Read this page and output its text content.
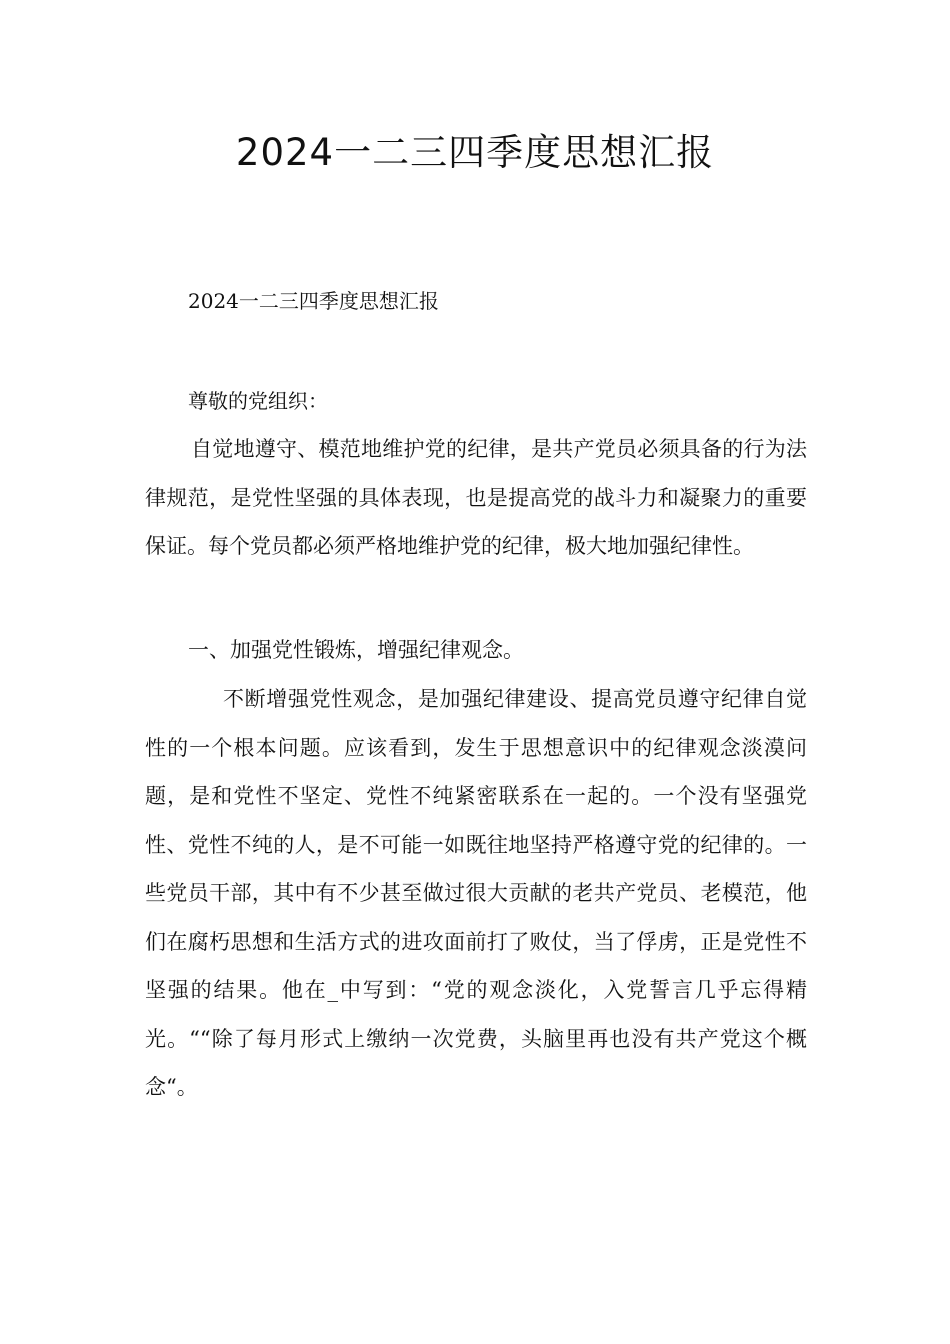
2024一二三四季度思想汇报

2024一二三四季度思想汇报

尊敬的党组织：

自觉地遵守、模范地维护党的纪律，是共产党员必须具备的行为法律规范，是党性坚强的具体表现，也是提高党的战斗力和凝聚力的重要保证。每个党员都必须严格地维护党的纪律，极大地加强纪律性。

一、加强党性锻炼，增强纪律观念。

不断增强党性观念，是加强纪律建设、提高党员遵守纪律自觉性的一个根本问题。应该看到，发生于思想意识中的纪律观念淡漠问题，是和党性不坚定、党性不纯紧密联系在一起的。一个没有坚强党性、党性不纯的人，是不可能一如既往地坚持严格遵守党的纪律的。一些党员干部，其中有不少甚至做过很大贡献的老共产党员、老模范，他们在腐朽思想和生活方式的进攻面前打了败仗，当了俘虏，正是党性不坚强的结果。他在_中写到：“党的观念淡化，入党誓言几乎忘得精光。““除了每月形式上缴纳一次党费，头脑里再也没有共产党这个概念“。
